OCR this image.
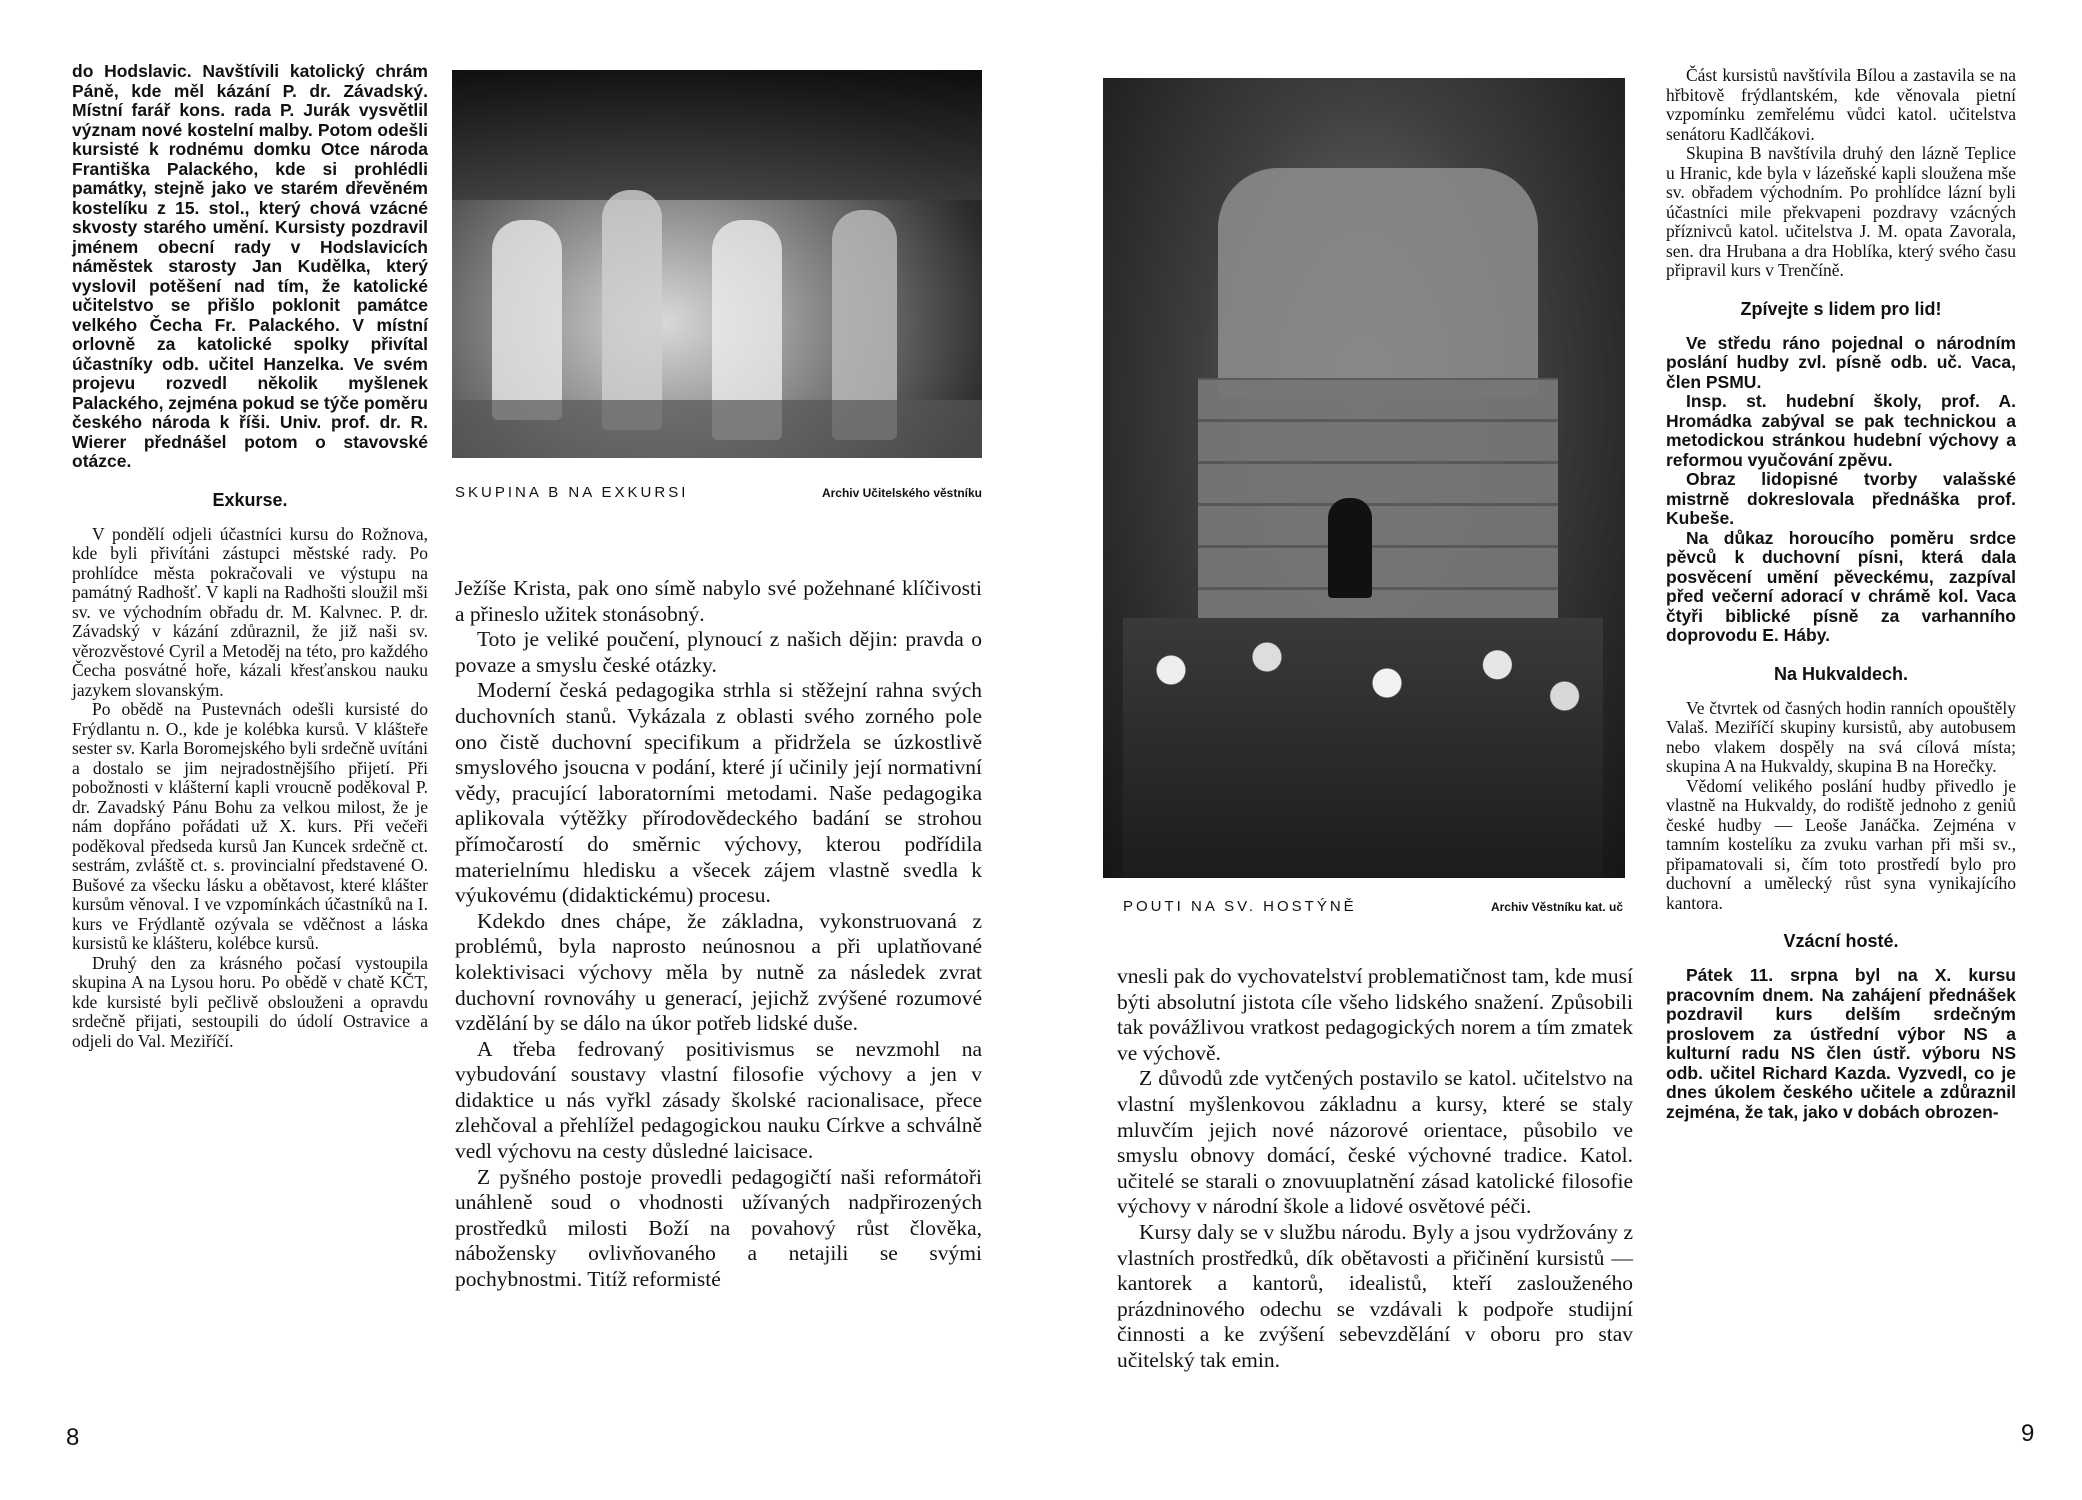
do Hodslavic. Navštívili katolický chrám Páně, kde měl kázání P. dr. Závadský. Místní farář kons. rada P. Jurák vysvětlil význam nové kostelní malby. Potom odešli kursisté k rodnému domku Otce národa Františka Palackého, kde si prohlédli památky, stejně jako ve starém dřevěném kostelíku z 15. stol., který chová vzácné skvosty starého umění. Kursisty pozdravil jménem obecní rady v Hodslavicích náměstek starosty Jan Kudělka, který vyslovil potěšení nad tím, že katolické učitelstvo se přišlo poklonit památce velkého Čecha Fr. Palackého. V místní orlovně za katolické spolky přivítal účastníky odb. učitel Hanzelka. Ve svém projevu rozvedl několik myšlenek Palackého, zejména pokud se týče poměru českého národa k říši. Univ. prof. dr. R. Wierer přednášel potom o stavovské otázce.

Exkurse.

V pondělí odjeli účastníci kursu do Rožnova, kde byli přivítáni zástupci městské rady. Po prohlídce města pokračovali ve výstupu na památný Radhošť. V kapli na Radhošti sloužil mši sv. ve východním obřadu dr. M. Kalvnec. P. dr. Závadský v kázání zdůraznil, že již naši sv. věrozvěstové Cyril a Metoděj na této, pro každého Čecha posvátné hoře, kázali křesťanskou nauku jazykem slovanským.

Po obědě na Pustevnách odešli kursisté do Frýdlantu n. O., kde je kolébka kursů. V klášteře sester sv. Karla Boromejského byli srdečně uvítáni a dostalo se jim nejradostnějšího přijetí. Při pobožnosti v klášterní kapli vroucně poděkoval P. dr. Zavadský Pánu Bohu za velkou milost, že je nám dopřáno pořádati už X. kurs. Při večeři poděkoval předseda kursů Jan Kuncek srdečně ct. sestrám, zvláště ct. s. provincialní představené O. Bušové za všecku lásku a obětavost, které klášter kursům věnoval. I ve vzpomínkách účastníků na I. kurs ve Frýdlantě ozývala se vděčnost a láska kursistů ke klášteru, kolébce kursů.

Druhý den za krásného počasí vystoupila skupina A na Lysou horu. Po obědě v chatě KČT, kde kursisté byli pečlivě obslouženi a opravdu srdečně přijati, sestoupili do údolí Ostravice a odjeli do Val. Meziříčí.

SKUPINA B NA EXKURSI	Archiv Učitelského věstníku

Ježíše Krista, pak ono símě nabylo své požehnané klíčivosti a přineslo užitek stonásobný.

Toto je veliké poučení, plynoucí z našich dějin: pravda o povaze a smyslu české otázky.

Moderní česká pedagogika strhla si stěžejní rahna svých duchovních stanů. Vykázala z oblasti svého zorného pole ono čistě duchovní specifikum a přidržela se úzkostlivě smyslového jsoucna v podání, které jí učinily její normativní vědy, pracující laboratorními metodami. Naše pedagogika aplikovala výtěžky přírodovědeckého badání se strohou přímočarostí do směrnic výchovy, kterou podřídila materielnímu hledisku a všecek zájem vlastně svedla k výukovému (didaktickému) procesu.

Kdekdo dnes chápe, že základna, vykonstruovaná z problémů, byla naprosto neúnosnou a při uplatňované kolektivisaci výchovy měla by nutně za následek zvrat duchovní rovnováhy u generací, jejichž zvýšené rozumové vzdělání by se dálo na úkor potřeb lidské duše.

A třeba fedrovaný positivismus se nevzmohl na vybudování soustavy vlastní filosofie výchovy a jen v didaktice u nás vyřkl zásady školské racionalisace, přece zlehčoval a přehlížel pedagogickou nauku Církve a schválně vedl výchovu na cesty důsledné laicisace.

Z pyšného postoje provedli pedagogičtí naši reformátoři unáhleně soud o vhodnosti užívaných nadpřirozených prostředků milosti Boží na povahový růst člověka, nábožensky ovlivňovaného a netajili se svými pochybnostmi. Titíž reformisté

8
POUTI NA SV. HOSTÝNĚ	Archiv Věstníku kat. uč

vnesli pak do vychovatelství problematičnost tam, kde musí býti absolutní jistota cíle všeho lidského snažení. Způsobili tak povážlivou vratkost pedagogických norem a tím zmatek ve výchově.

Z důvodů zde vytčených postavilo se katol. učitelstvo na vlastní myšlenkovou základnu a kursy, které se staly mluvčím jejich nové názorové orientace, působilo ve smyslu obnovy domácí, české výchovné tradice. Katol. učitelé se starali o znovuuplatnění zásad katolické filosofie výchovy v národní škole a lidové osvětové péči.

Kursy daly se v službu národu. Byly a jsou vydržovány z vlastních prostředků, dík obětavosti a přičinění kursistů — kantorek a kantorů, idealistů, kteří zaslouženého prázdninového odechu se vzdávali k podpoře studijní činnosti a ke zvýšení sebevzdělání v oboru pro stav učitelský tak emin.

Část kursistů navštívila Bílou a zastavila se na hřbitově frýdlantském, kde věnovala pietní vzpomínku zemřelému vůdci katol. učitelstva senátoru Kadlčákovi.

Skupina B navštívila druhý den lázně Teplice u Hranic, kde byla v lázeňské kapli sloužena mše sv. obřadem východním. Po prohlídce lázní byli účastníci mile překvapeni pozdravy vzácných příznivců katol. učitelstva J. M. opata Zavorala, sen. dra Hrubana a dra Hoblíka, který svého času připravil kurs v Trenčíně.

Zpívejte s lidem pro lid!

Ve středu ráno pojednal o národním poslání hudby zvl. písně odb. uč. Vaca, člen PSMU.

Insp. st. hudební školy, prof. A. Hromádka zabýval se pak technickou a metodickou stránkou hudební výchovy a reformou vyučování zpěvu.

Obraz lidopisné tvorby valašské mistrně dokreslovala přednáška prof. Kubeše.

Na důkaz horoucího poměru srdce pěvců k duchovní písni, která dala posvěcení umění pěveckému, zazpíval před večerní adorací v chrámě kol. Vaca čtyři biblické písně za varhanního doprovodu E. Háby.

Na Hukvaldech.

Ve čtvrtek od časných hodin ranních opouštěly Valaš. Meziříčí skupiny kursistů, aby autobusem nebo vlakem dospěly na svá cílová místa; skupina A na Hukvaldy, skupina B na Horečky.

Vědomí velikého poslání hudby přivedlo je vlastně na Hukvaldy, do rodiště jednoho z geniů české hudby — Leoše Janáčka. Zejména v tamním kostelíku za zvuku varhan při mši sv., připamatovali si, čím toto prostředí bylo pro duchovní a umělecký růst syna vynikajícího kantora.

Vzácní hosté.

Pátek 11. srpna byl na X. kursu pracovním dnem. Na zahájení přednášek pozdravil kurs delším srdečným proslovem za ústřední výbor NS a kulturní radu NS člen ústř. výboru NS odb. učitel Richard Kazda. Vyzvedl, co je dnes úkolem českého učitele a zdůraznil zejména, že tak, jako v dobách obrozen-

9
